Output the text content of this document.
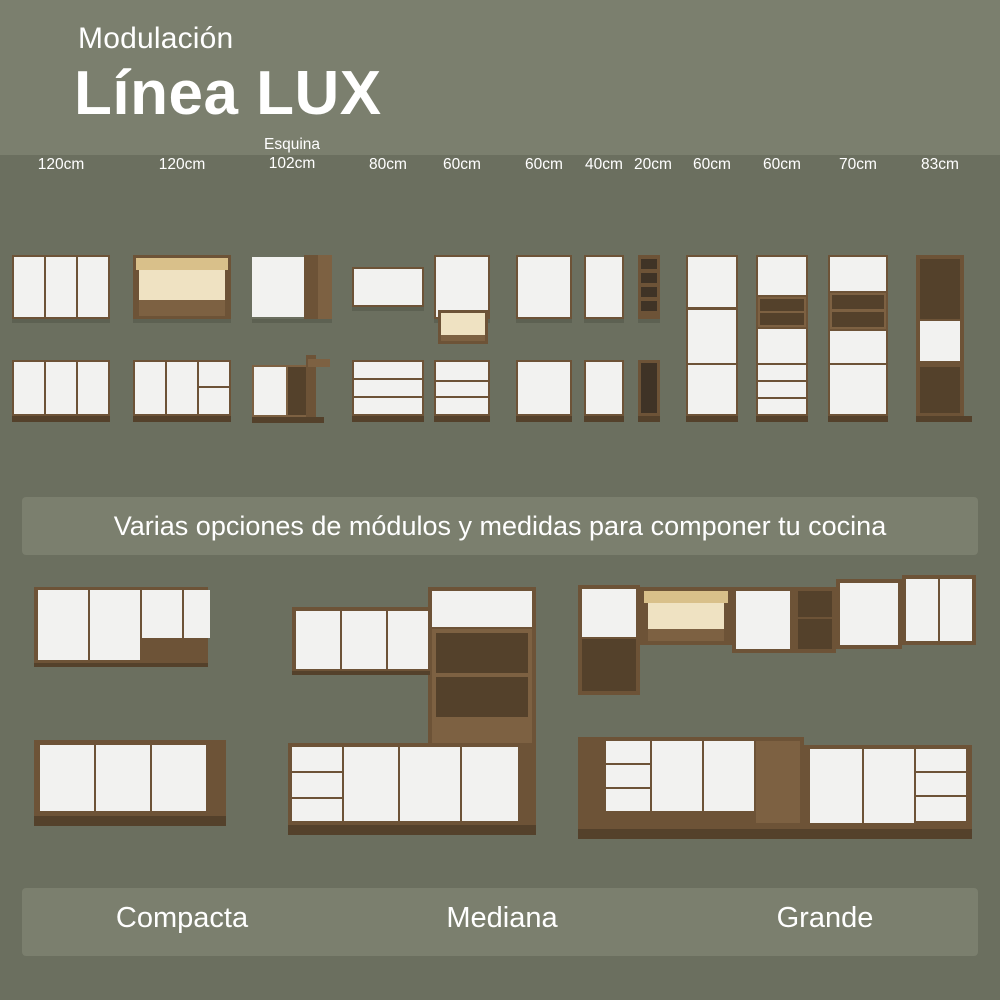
Modulación
Línea LUX
120cm	120cm
Esquina
102cm	80cm	60cm	60cm	40cm 20cm	60cm	60cm	70cm	83cm
Varias opciones de módulos y medidas para componer tu cocina
Compacta	Mediana	Grande
